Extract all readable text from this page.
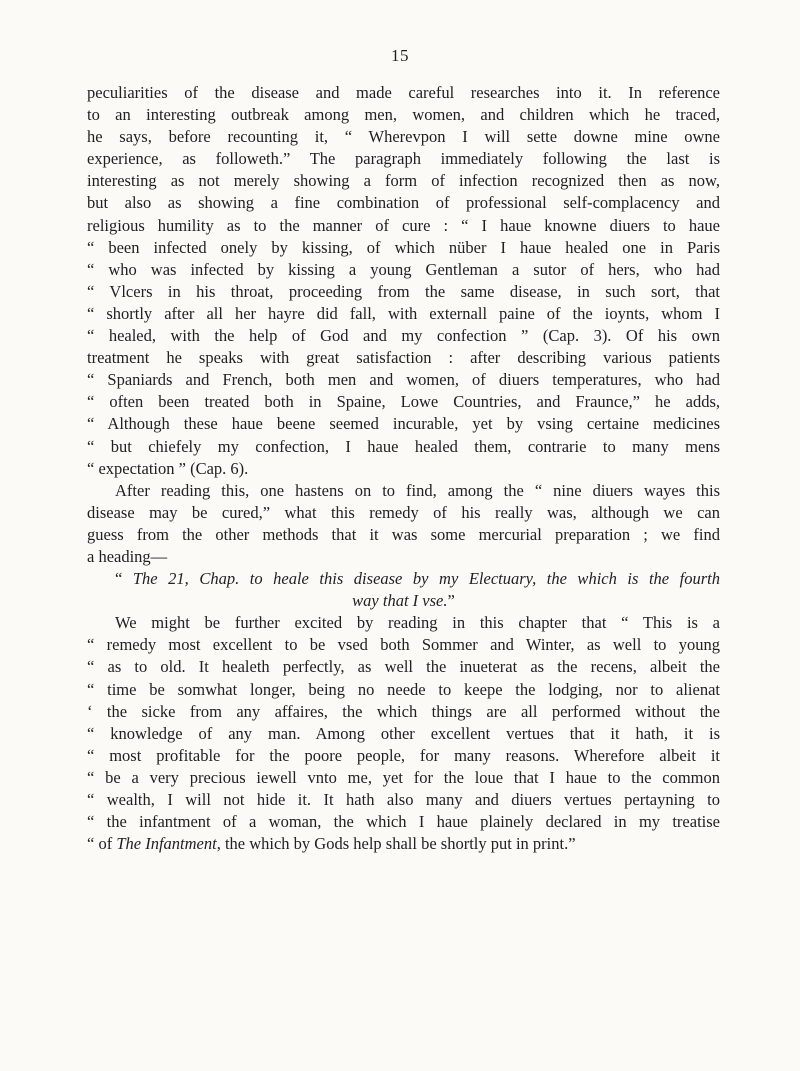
15
peculiarities of the disease and made careful researches into it. In reference
to an interesting outbreak among men, women, and children which he traced,
he says, before recounting it, “ Wherevpon I will sette downe mine owne
experience, as followeth.” The paragraph immediately following the last is
interesting as not merely showing a form of infection recognized then as now,
but also as showing a fine combination of professional self-complacency and
religious humility as to the manner of cure : “ I haue knowne diuers to haue
“ been infected onely by kissing, of which nüber I haue healed one in Paris
“ who was infected by kissing a young Gentleman a sutor of hers, who had
“ Vlcers in his throat, proceeding from the same disease, in such sort, that
“ shortly after all her hayre did fall, with externall paine of the ioynts, whom I
“ healed, with the help of God and my confection ” (Cap. 3). Of his own
treatment he speaks with great satisfaction : after describing various patients
“ Spaniards and French, both men and women, of diuers temperatures, who had
“ often been treated both in Spaine, Lowe Countries, and Fraunce,” he adds,
“ Although these haue beene seemed incurable, yet by vsing certaine medicines
“ but chiefely my confection, I haue healed them, contrarie to many mens
“ expectation ” (Cap. 6).
After reading this, one hastens on to find, among the “ nine diuers wayes this
disease may be cured,” what this remedy of his really was, although we can
guess from the other methods that it was some mercurial preparation ; we find
a heading—
“ The 21, Chap. to heale this disease by my Electuary, the which is the fourth
way that I vse.”
We might be further excited by reading in this chapter that “ This is a
“ remedy most excellent to be vsed both Sommer and Winter, as well to young
“ as to old. It healeth perfectly, as well the inueterat as the recens, albeit the
“ time be somwhat longer, being no neede to keepe the lodging, nor to alienat
‘ the sicke from any affaires, the which things are all performed without the
“ knowledge of any man. Among other excellent vertues that it hath, it is
“ most profitable for the poore people, for many reasons. Wherefore albeit it
“ be a very precious iewell vnto me, yet for the loue that I haue to the common
“ wealth, I will not hide it. It hath also many and diuers vertues pertayning to
“ the infantment of a woman, the which I haue plainely declared in my treatise
“ of The Infantment, the which by Gods help shall be shortly put in print.”
